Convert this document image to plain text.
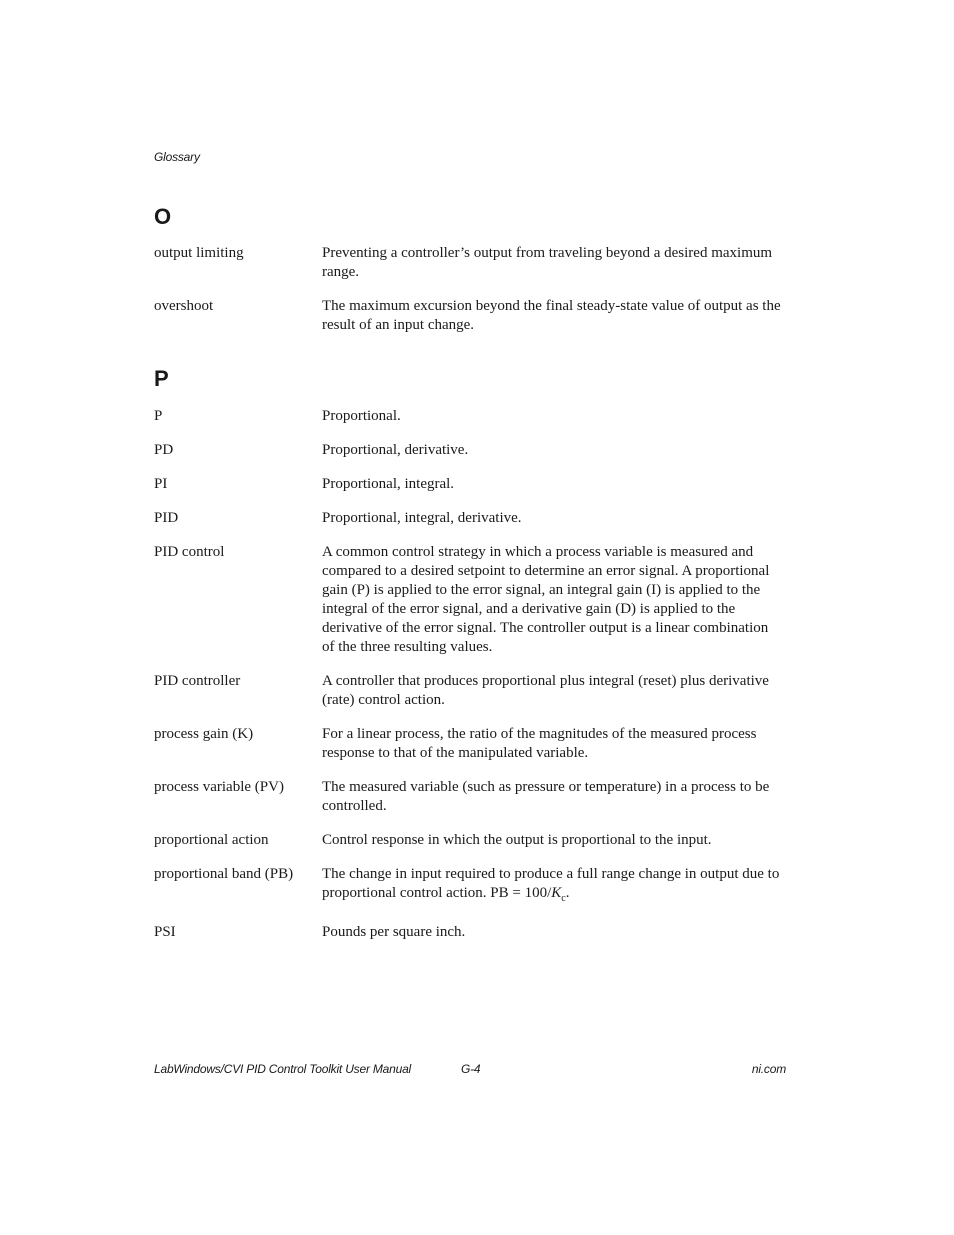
Glossary
O
output limiting	Preventing a controller’s output from traveling beyond a desired maximum range.
overshoot	The maximum excursion beyond the final steady-state value of output as the result of an input change.
P
P	Proportional.
PD	Proportional, derivative.
PI	Proportional, integral.
PID	Proportional, integral, derivative.
PID control	A common control strategy in which a process variable is measured and compared to a desired setpoint to determine an error signal. A proportional gain (P) is applied to the error signal, an integral gain (I) is applied to the integral of the error signal, and a derivative gain (D) is applied to the derivative of the error signal. The controller output is a linear combination of the three resulting values.
PID controller	A controller that produces proportional plus integral (reset) plus derivative (rate) control action.
process gain (K)	For a linear process, the ratio of the magnitudes of the measured process response to that of the manipulated variable.
process variable (PV)	The measured variable (such as pressure or temperature) in a process to be controlled.
proportional action	Control response in which the output is proportional to the input.
proportional band (PB)	The change in input required to produce a full range change in output due to proportional control action. PB = $100/K_c$.
PSI	Pounds per square inch.
LabWindows/CVI PID Control Toolkit User Manual	G-4	ni.com
